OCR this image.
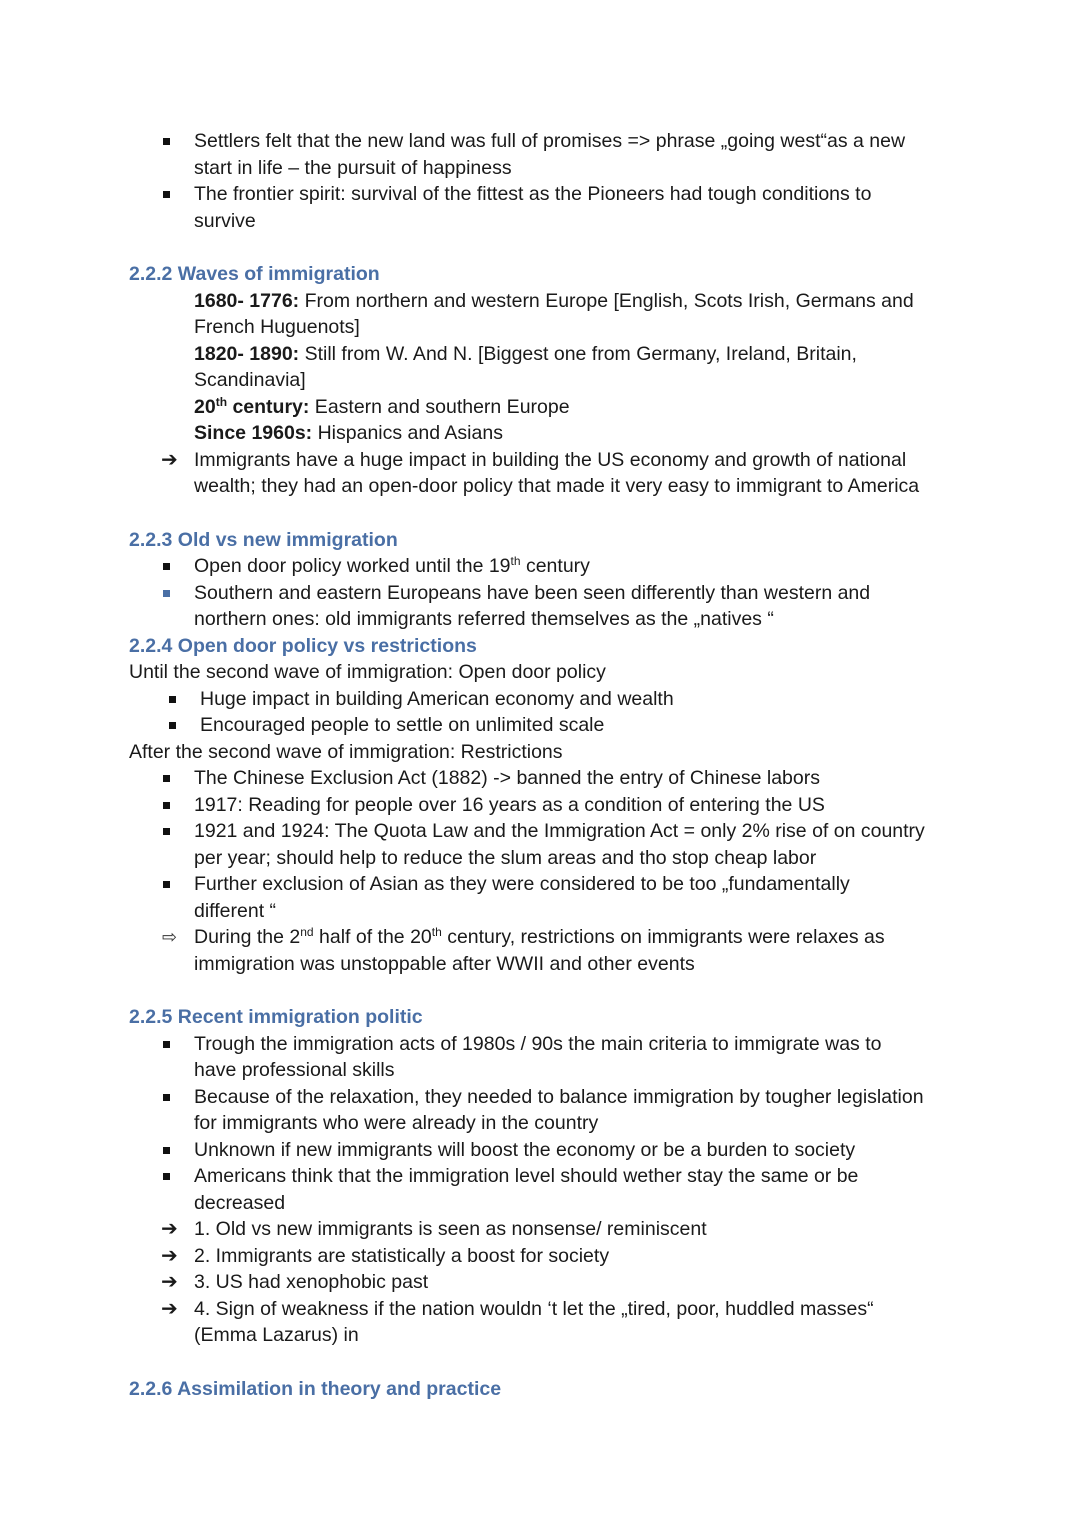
Settlers felt that the new land was full of promises => phrase „going west“as a new
start in life – the pursuit of happiness
The frontier spirit: survival of the fittest as the Pioneers had tough conditions to
survive
2.2.2 Waves of immigration
1680- 1776: From northern and western Europe [English, Scots Irish, Germans and
French Huguenots]
1820- 1890: Still from W. And N. [Biggest one from Germany, Ireland, Britain,
Scandinavia]
20th century: Eastern and southern Europe
Since 1960s: Hispanics and Asians
➔ Immigrants have a huge impact in building the US economy and growth of national
wealth; they had an open-door policy that made it very easy to immigrant to America
2.2.3 Old vs new immigration
Open door policy worked until the 19th century
Southern and eastern Europeans have been seen differently than western and
northern ones: old immigrants referred themselves as the „natives “
2.2.4 Open door policy vs restrictions
Until the second wave of immigration: Open door policy
Huge impact in building American economy and wealth
Encouraged people to settle on unlimited scale
After the second wave of immigration: Restrictions
The Chinese Exclusion Act (1882) -> banned the entry of Chinese labors
1917: Reading for people over 16 years as a condition of entering the US
1921 and 1924: The Quota Law and the Immigration Act = only 2% rise of on country
per year; should help to reduce the slum areas and tho stop cheap labor
Further exclusion of Asian as they were considered to be too „fundamentally
different “
⇨ During the 2nd half of the 20th century, restrictions on immigrants were relaxes as
immigration was unstoppable after WWII and other events
2.2.5 Recent immigration politic
Trough the immigration acts of 1980s / 90s the main criteria to immigrate was to
have professional skills
Because of the relaxation, they needed to balance immigration by tougher legislation
for immigrants who were already in the country
Unknown if new immigrants will boost the economy or be a burden to society
Americans think that the immigration level should wether stay the same or be
decreased
➔ 1. Old vs new immigrants is seen as nonsense/ reminiscent
➔ 2. Immigrants are statistically a boost for society
➔ 3. US had xenophobic past
➔ 4. Sign of weakness if the nation wouldn ‘t let the „tired, poor, huddled masses“
(Emma Lazarus) in
2.2.6 Assimilation in theory and practice
